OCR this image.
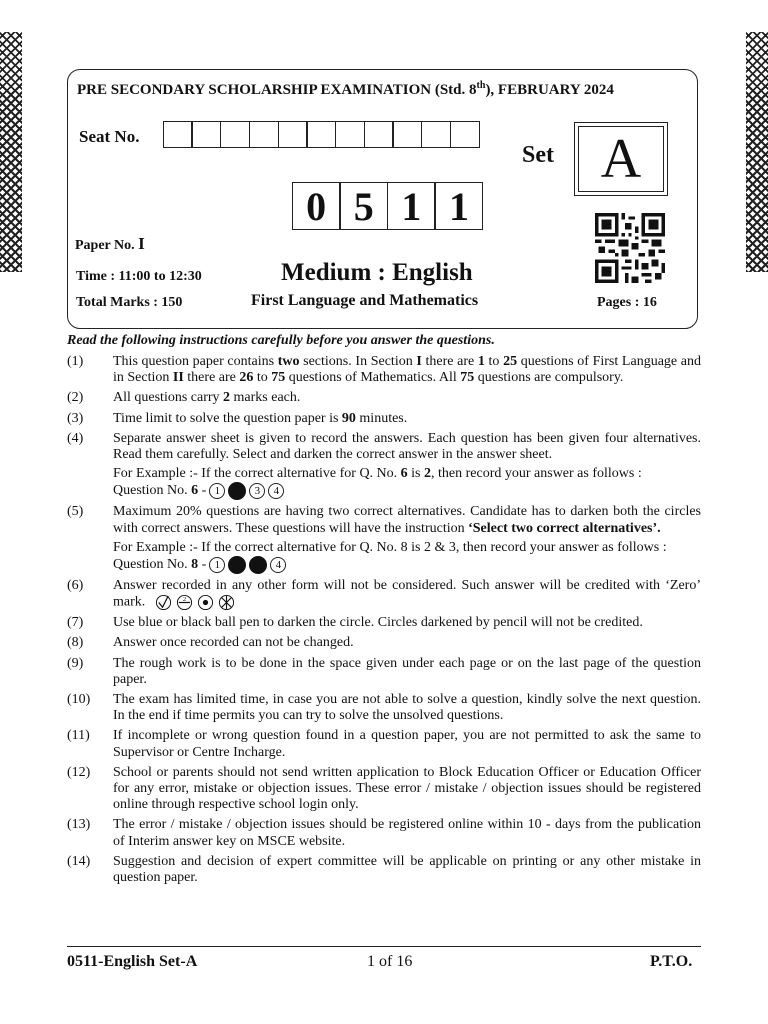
PRE SECONDARY SCHOLARSHIP EXAMINATION (Std. 8th), FEBRUARY 2024
Seat No.
Set A
0 5 1 1
Paper No. I
Time : 11:00 to 12:30
Total Marks : 150
Medium : English
First Language and Mathematics	Pages : 16
Read the following instructions carefully before you answer the questions.
(1)	This question paper contains two sections. In Section I there are 1 to 25 questions of First Language and in Section II there are 26 to 75 questions of Mathematics. All 75 questions are compulsory.
(2)	All questions carry 2 marks each.
(3)	Time limit to solve the question paper is 90 minutes.
(4)	Separate answer sheet is given to record the answers. Each question has been given four alternatives. Read them carefully. Select and darken the correct answer in the answer sheet.
For Example :- If the correct alternative for Q. No. 6 is 2, then record your answer as follows :
Question No. 6 - 1	3	4
(5)	Maximum 20% questions are having two correct alternatives. Candidate has to darken both the circles with correct answers. These questions will have the instruction ‘Select two correct alternatives’.
For Example :- If the correct alternative for Q. No. 8 is 2 & 3, then record your answer as follows :
Question No. 8 - 1	4
(6)	Answer recorded in any other form will not be considered. Such answer will be credited with ‘Zero’ mark.	2
(7)	Use blue or black ball pen to darken the circle. Circles darkened by pencil will not be credited.
(8)	Answer once recorded can not be changed.
(9)	The rough work is to be done in the space given under each page or on the last page of the question paper.
(10)	The exam has limited time, in case you are not able to solve a question, kindly solve the next question. In the end if time permits you can try to solve the unsolved questions.
(11)	If incomplete or wrong question found in a question paper, you are not permitted to ask the same to Supervisor or Centre Incharge.
(12)	School or parents should not send written application to Block Education Officer or Education Officer for any error, mistake or objection issues. These error / mistake / objection issues should be registered online through respective school login only.
(13)	The error / mistake / objection issues should be registered online within 10 - days from the publication of Interim answer key on MSCE website.
(14)	Suggestion and decision of expert committee will be applicable on printing or any other mistake in question paper.
0511-English Set-A	1 of 16	P.T.O.
